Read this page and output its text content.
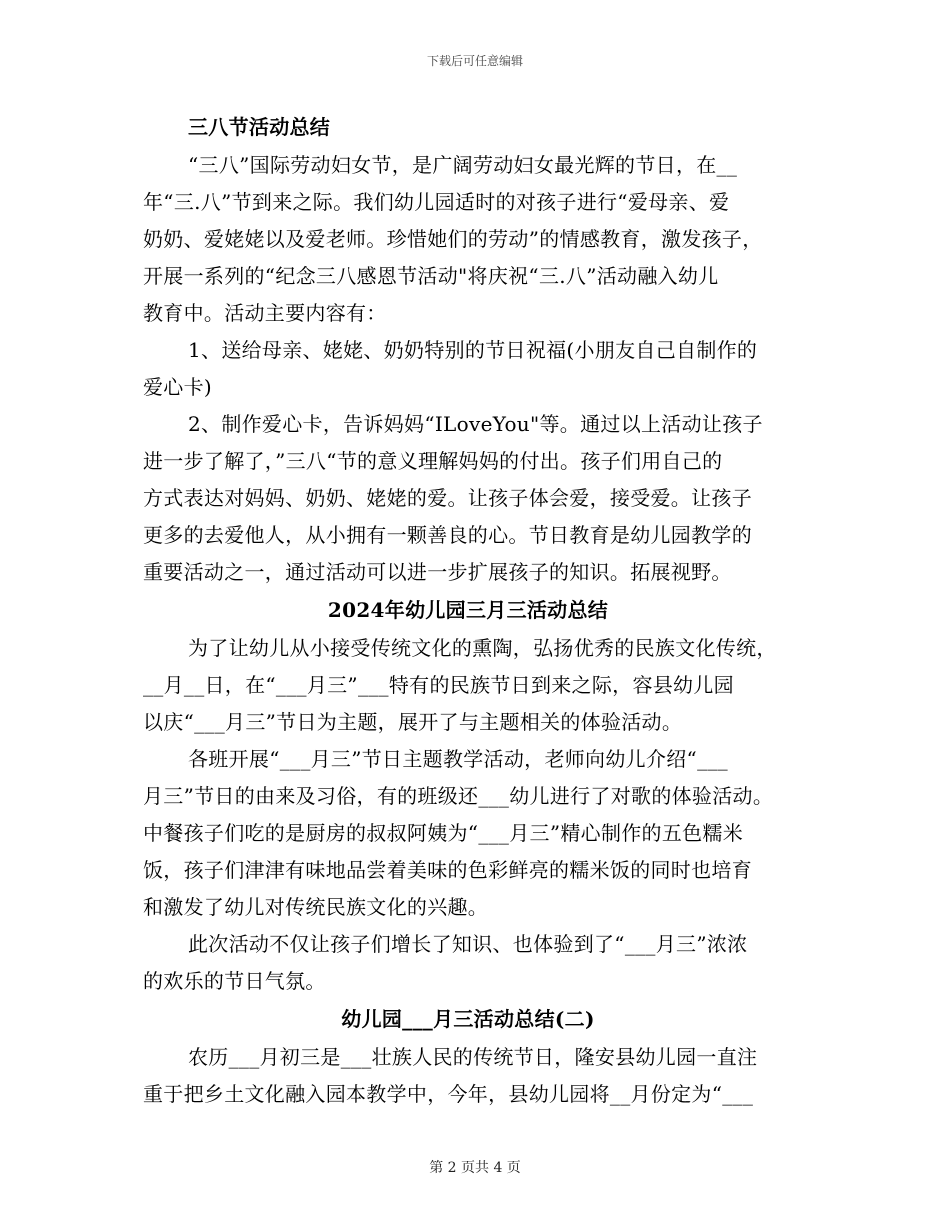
下载后可任意编辑
三八节活动总结
“三八”国际劳动妇女节，是广阔劳动妇女最光辉的节日，在__
年“三.八”节到来之际。我们幼儿园适时的对孩子进行“爱母亲、爱
奶奶、爱姥姥以及爱老师。珍惜她们的劳动”的情感教育，激发孩子，
开展一系列的“纪念三八感恩节活动"将庆祝“三.八”活动融入幼儿
教育中。活动主要内容有：
1、送给母亲、姥姥、奶奶特别的节日祝福(小朋友自己自制作的
爱心卡)
2、制作爱心卡，告诉妈妈“ILoveYou"等。通过以上活动让孩子
进一步了解了，”三八“节的意义理解妈妈的付出。孩子们用自己的
方式表达对妈妈、奶奶、姥姥的爱。让孩子体会爱，接受爱。让孩子
更多的去爱他人，从小拥有一颗善良的心。节日教育是幼儿园教学的
重要活动之一，通过活动可以进一步扩展孩子的知识。拓展视野。
2024年幼儿园三月三活动总结
为了让幼儿从小接受传统文化的熏陶，弘扬优秀的民族文化传统，
__月__日，在“___月三”___特有的民族节日到来之际，容县幼儿园
以庆“___月三”节日为主题，展开了与主题相关的体验活动。
各班开展“___月三”节日主题教学活动，老师向幼儿介绍“___
月三”节日的由来及习俗，有的班级还___幼儿进行了对歌的体验活动。
中餐孩子们吃的是厨房的叔叔阿姨为“___月三”精心制作的五色糯米
饭，孩子们津津有味地品尝着美味的色彩鲜亮的糯米饭的同时也培育
和激发了幼儿对传统民族文化的兴趣。
此次活动不仅让孩子们增长了知识、也体验到了“___月三”浓浓
的欢乐的节日气氛。
幼儿园___月三活动总结(二)
农历___月初三是___壮族人民的传统节日，隆安县幼儿园一直注
重于把乡土文化融入园本教学中，今年，县幼儿园将__月份定为“___
第 2 页共 4 页
